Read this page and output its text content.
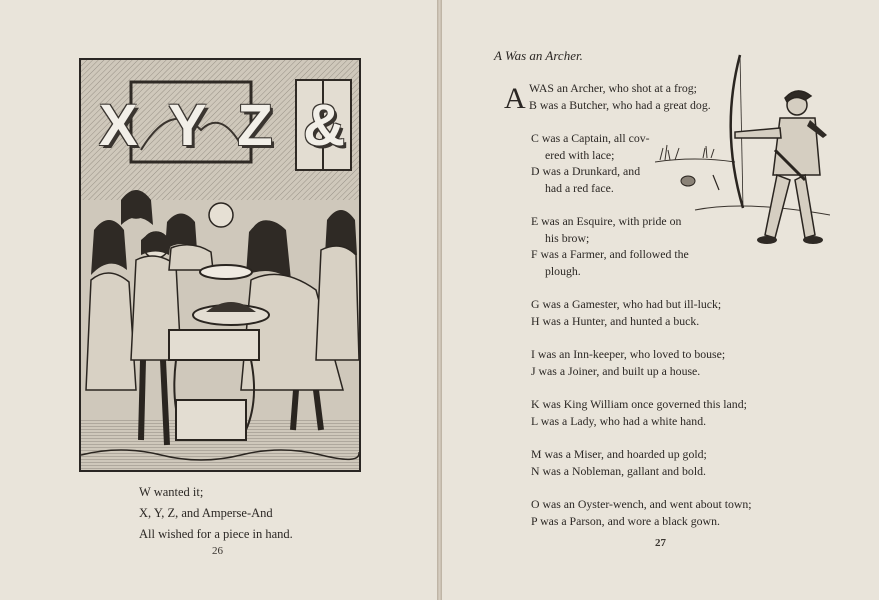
X Y Z &
W wanted it;
X, Y, Z, and Amperse-And
All wished for a piece in hand.
26
A Was an Archer.
A WAS an Archer, who shot at a frog;
B was a Butcher, who had a great dog.
C was a Captain, all cov-
ered with lace;
D was a Drunkard, and
had a red face.
E was an Esquire, with pride on
his brow;
F was a Farmer, and followed the
plough.
G was a Gamester, who had but ill-luck;
H was a Hunter, and hunted a buck.
I was an Inn-keeper, who loved to bouse;
J was a Joiner, and built up a house.
K was King William once governed this land;
L was a Lady, who had a white hand.
M was a Miser, and hoarded up gold;
N was a Nobleman, gallant and bold.
O was an Oyster-wench, and went about town;
P was a Parson, and wore a black gown.
27
